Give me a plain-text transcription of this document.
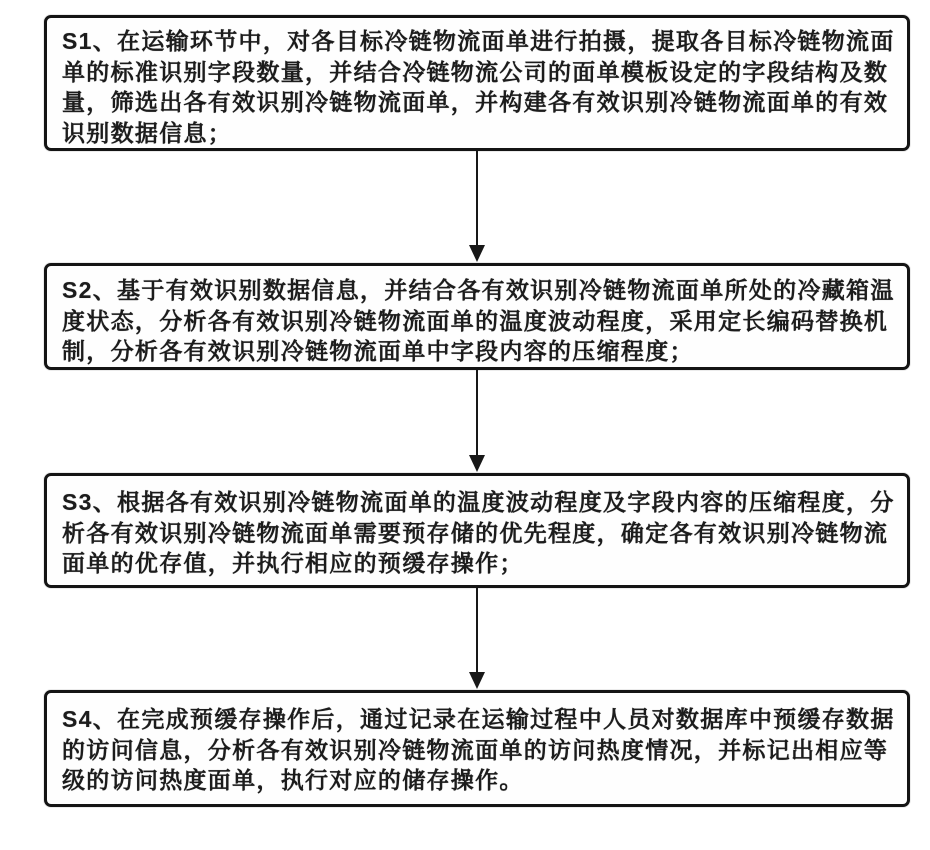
S1、在运输环节中，对各目标冷链物流面单进行拍摄，提取各目标冷链物流面

单的标准识别字段数量，并结合冷链物流公司的面单模板设定的字段结构及数

量，筛选出各有效识别冷链物流面单，并构建各有效识别冷链物流面单的有效

识别数据信息；

S2、基于有效识别数据信息，并结合各有效识别冷链物流面单所处的冷藏箱温

度状态，分析各有效识别冷链物流面单的温度波动程度，采用定长编码替换机

制，分析各有效识别冷链物流面单中字段内容的压缩程度；

S3、根据各有效识别冷链物流面单的温度波动程度及字段内容的压缩程度，分

析各有效识别冷链物流面单需要预存储的优先程度，确定各有效识别冷链物流

面单的优存值，并执行相应的预缓存操作；

S4、在完成预缓存操作后，通过记录在运输过程中人员对数据库中预缓存数据

的访问信息，分析各有效识别冷链物流面单的访问热度情况，并标记出相应等

级的访问热度面单，执行对应的储存操作。
